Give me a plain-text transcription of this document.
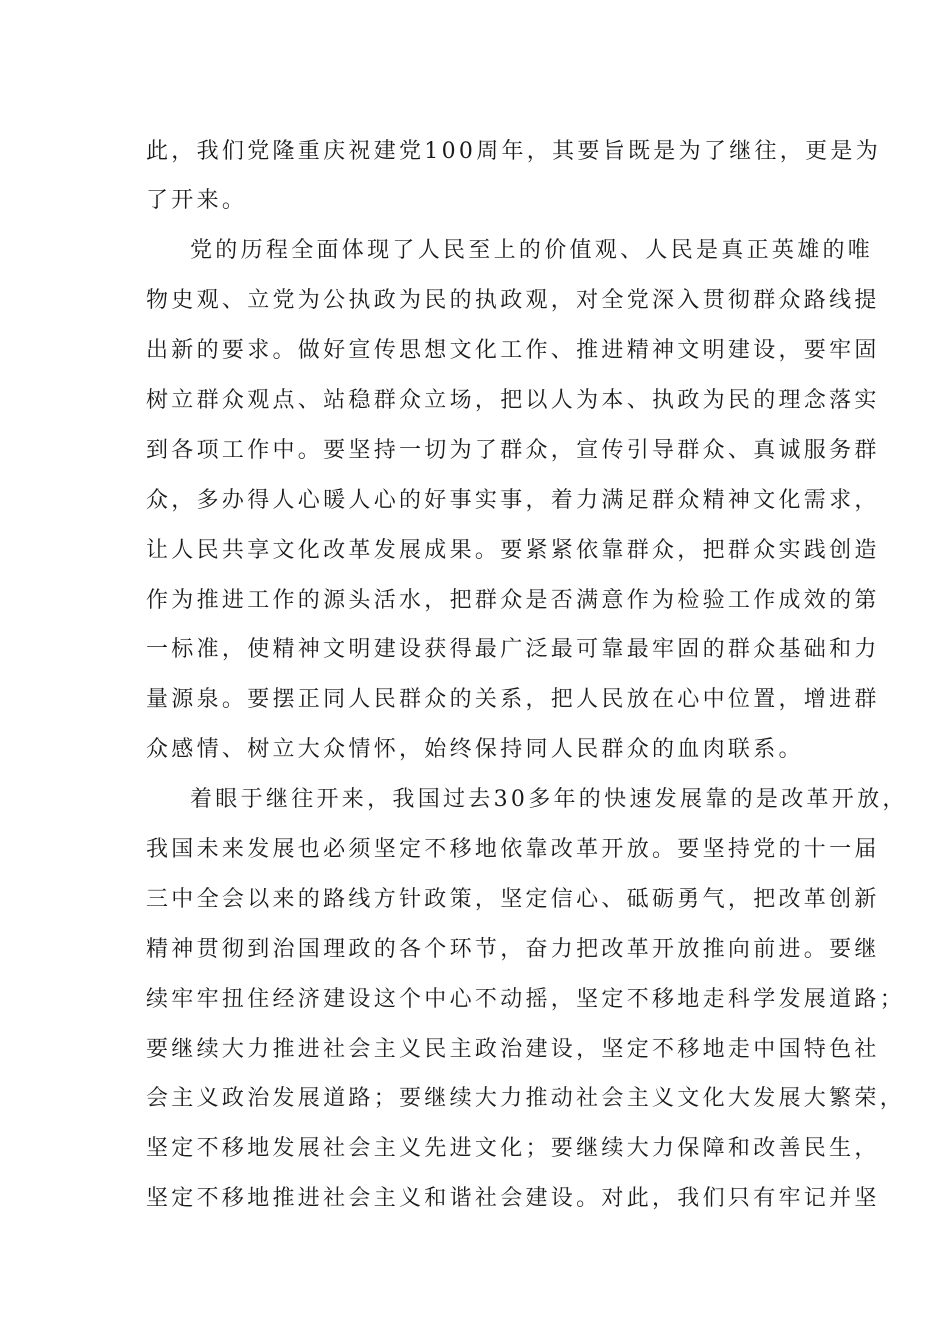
此，我们党隆重庆祝建党100周年，其要旨既是为了继往，更是为
了开来。
党的历程全面体现了人民至上的价值观、人民是真正英雄的唯
物史观、立党为公执政为民的执政观，对全党深入贯彻群众路线提
出新的要求。做好宣传思想文化工作、推进精神文明建设，要牢固
树立群众观点、站稳群众立场，把以人为本、执政为民的理念落实
到各项工作中。要坚持一切为了群众，宣传引导群众、真诚服务群
众，多办得人心暖人心的好事实事，着力满足群众精神文化需求，
让人民共享文化改革发展成果。要紧紧依靠群众，把群众实践创造
作为推进工作的源头活水，把群众是否满意作为检验工作成效的第
一标准，使精神文明建设获得最广泛最可靠最牢固的群众基础和力
量源泉。要摆正同人民群众的关系，把人民放在心中位置，增进群
众感情、树立大众情怀，始终保持同人民群众的血肉联系。
着眼于继往开来，我国过去30多年的快速发展靠的是改革开放，
我国未来发展也必须坚定不移地依靠改革开放。要坚持党的十一届
三中全会以来的路线方针政策，坚定信心、砥砺勇气，把改革创新
精神贯彻到治国理政的各个环节，奋力把改革开放推向前进。要继
续牢牢扭住经济建设这个中心不动摇，坚定不移地走科学发展道路；
要继续大力推进社会主义民主政治建设，坚定不移地走中国特色社
会主义政治发展道路；要继续大力推动社会主义文化大发展大繁荣，
坚定不移地发展社会主义先进文化；要继续大力保障和改善民生，
坚定不移地推进社会主义和谐社会建设。对此，我们只有牢记并坚
